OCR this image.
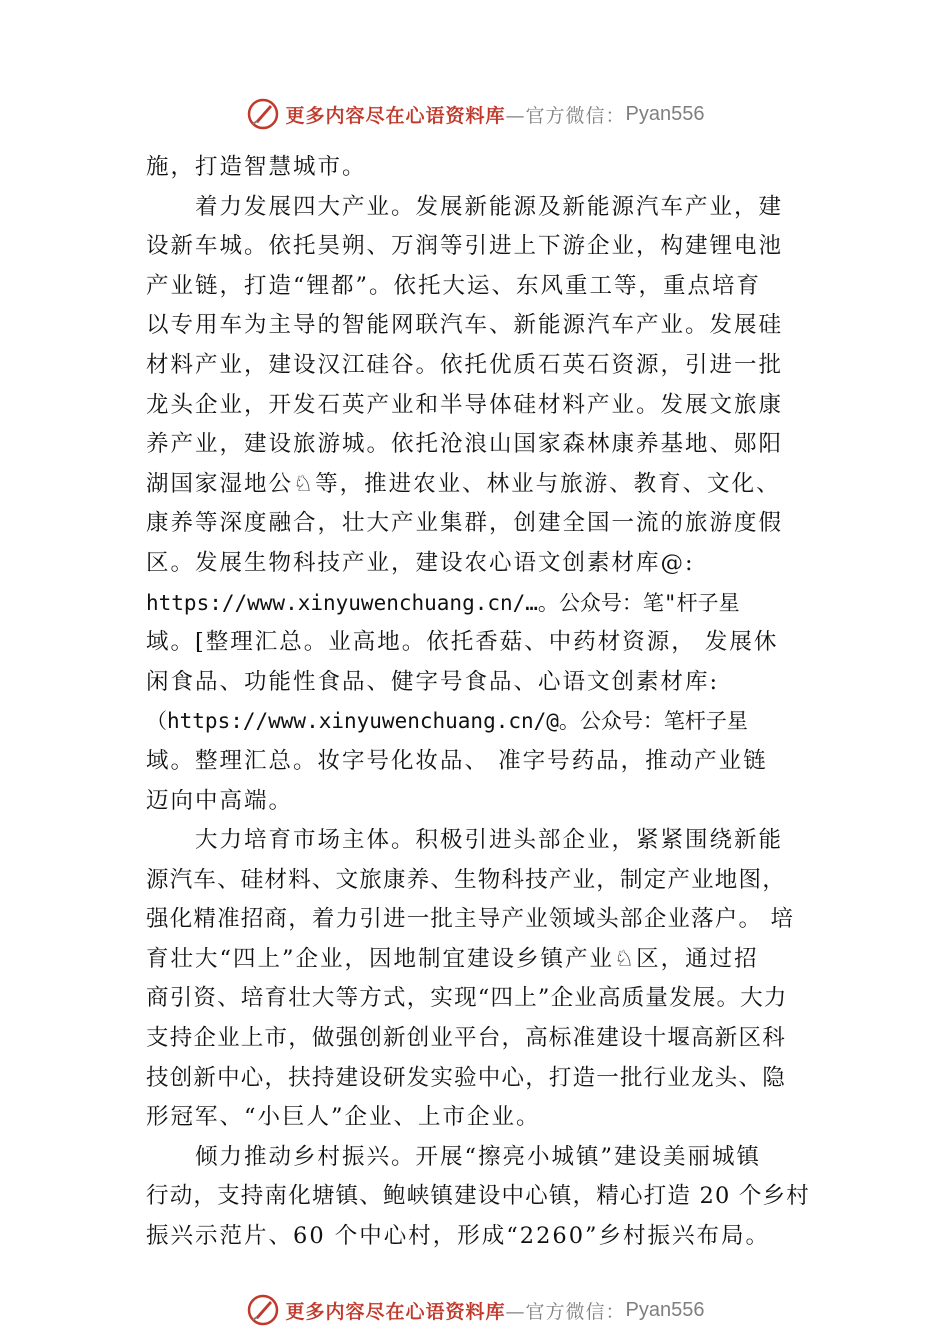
更多内容尽在心语资料库 —官方微信： Pyan556
施，打造智慧城市。
着力发展四大产业。发展新能源及新能源汽车产业，建
设新车城。依托昊朔、万润等引进上下游企业，构建锂电池
产业链，打造“锂都”。依托大运、东风重工等，重点培育
以专用车为主导的智能网联汽车、新能源汽车产业。发展硅
材料产业，建设汉江硅谷。依托优质石英石资源，引进一批
龙头企业，开发石英产业和半导体硅材料产业。发展文旅康
养产业，建设旅游城。依托沧浪山国家森林康养基地、郧阳
湖国家湿地公♘等，推进农业、林业与旅游、教育、文化、
康养等深度融合，壮大产业集群，创建全国一流的旅游度假
区。发展生物科技产业，建设农心语文创素材库@:
https://www.xinyuwenchuang.cn/…。公众号：笔"杆子星
域。[整理汇总。业高地。依托香菇、中药材资源， 发展休
闲食品、功能性食品、健字号食品、心语文创素材库:
（https://www.xinyuwenchuang.cn/@。公众号：笔杆子星
域。整理汇总。妆字号化妆品、 准字号药品，推动产业链
迈向中高端。
大力培育市场主体。积极引进头部企业，紧紧围绕新能
源汽车、硅材料、文旅康养、生物科技产业，制定产业地图，
强化精准招商，着力引进一批主导产业领域头部企业落户。 培
育壮大“四上”企业，因地制宜建设乡镇产业♘区，通过招
商引资、培育壮大等方式，实现“四上”企业高质量发展。大力
支持企业上市，做强创新创业平台，高标准建设十堰高新区科
技创新中心，扶持建设研发实验中心，打造一批行业龙头、隐
形冠军、“小巨人”企业、上市企业。
倾力推动乡村振兴。开展“擦亮小城镇”建设美丽城镇
行动，支持南化塘镇、鲍峡镇建设中心镇，精心打造 20 个乡村
振兴示范片、60 个中心村，形成“2260”乡村振兴布局。
更多内容尽在心语资料库 —官方微信： Pyan556
